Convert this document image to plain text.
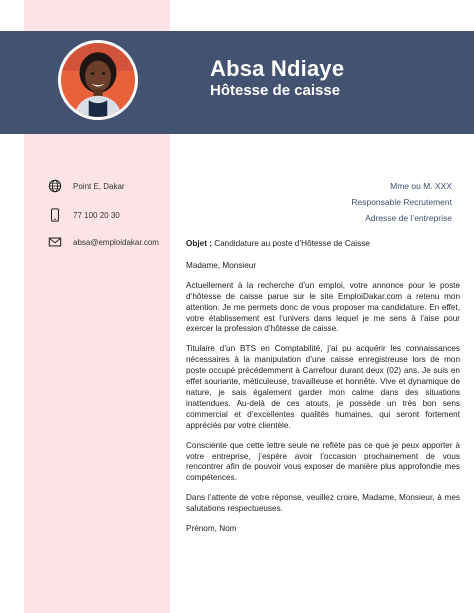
Absa Ndiaye
Hôtesse de caisse
Point E, Dakar
77 100 20 30
absa@emploidakar.com
Mme ou M. XXX
Responsable Recrutement
Adresse de l’entreprise

Objet : Candidature au poste d’Hôtesse de Caisse

Madame, Monsieur

Actuellement à la recherche d’un emploi, votre annonce pour le poste d’hôtesse de caisse parue sur le site EmploiDakar.com a retenu mon attention. Je me permets donc de vous proposer ma candidature. En effet, votre établissement est l’univers dans lequel je me sens à l’aise pour exercer la profession d’hôtesse de caisse.

Titulaire d’un BTS en Comptabilité, j’ai pu acquérir les connaissances nécessaires à la manipulation d’une caisse enregistreuse lors de mon poste occupé précédemment à Carrefour durant deux (02) ans. Je suis en effet souriante, méticuleuse, travailleuse et honnête. Vive et dynamique de nature, je sais également garder mon calme dans des situations inattendues. Au-delà de ces atouts, je possède un très bon sens commercial et d’excellentes qualités humaines, qui seront fortement appréciés par votre clientèle.

Consciente que cette lettre seule ne reflète pas ce que je peux apporter à votre entreprise, j’espère avoir l’occasion prochainement de vous rencontrer afin de pouvoir vous exposer de manière plus approfondie mes compétences.

Dans l’attente de votre réponse, veuillez croire, Madame, Monsieur, à mes salutations respectueuses.

Prénom, Nom
